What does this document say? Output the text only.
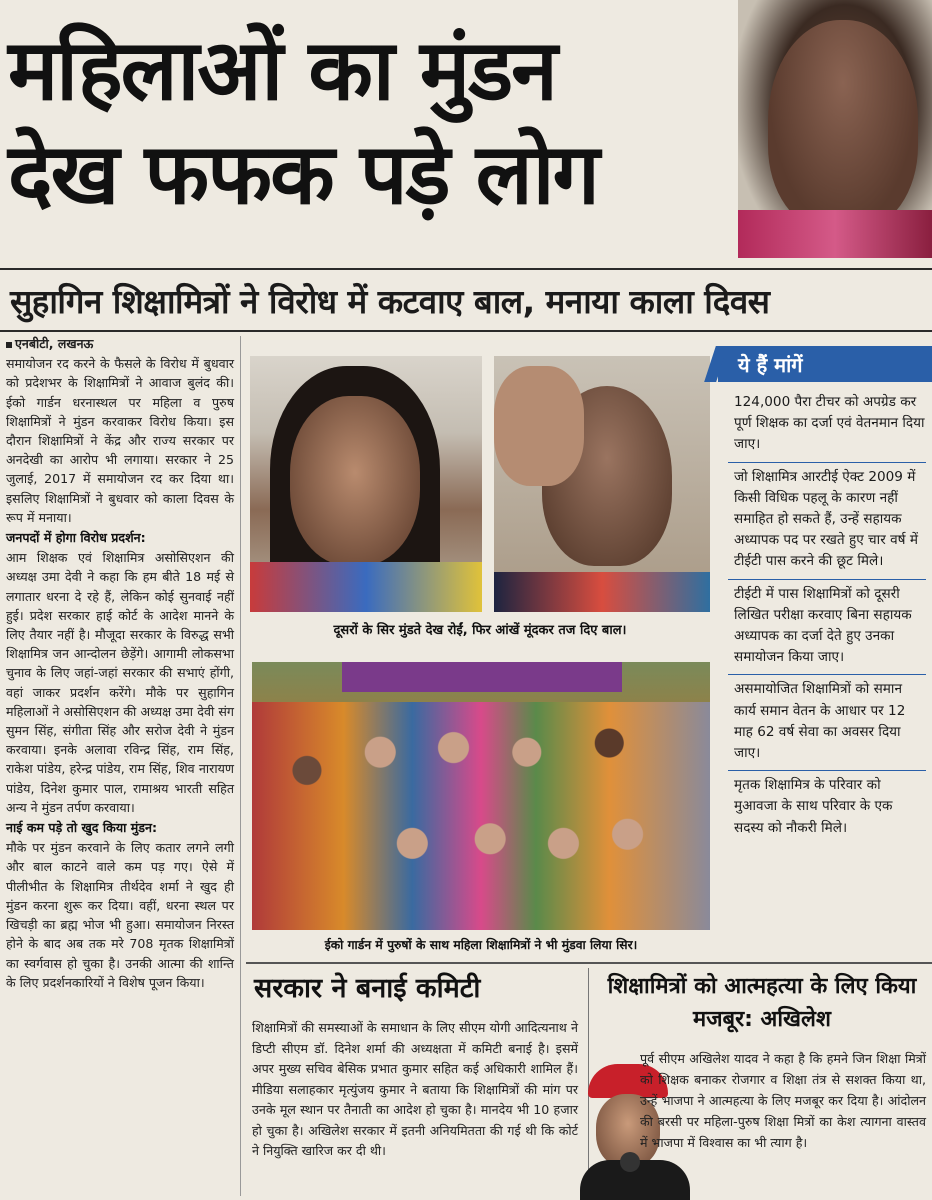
महिलाओं का मुंडन
देख फफक पड़े लोग
सुहागिन शिक्षामित्रों ने विरोध में कटवाए बाल, मनाया काला दिवस

एनबीटी, लखनऊ

समायोजन रद करने के फैसले के विरोध में बुधवार को प्रदेशभर के शिक्षामित्रों ने आवाज बुलंद की। ईको गार्डन धरनास्थल पर महिला व पुरुष शिक्षामित्रों ने मुंडन करवाकर विरोध किया। इस दौरान शिक्षामित्रों ने केंद्र और राज्य सरकार पर अनदेखी का आरोप भी लगाया। सरकार ने 25 जुलाई, 2017 में समायोजन रद कर दिया था। इसलिए शिक्षामित्रों ने बुधवार को काला दिवस के रूप में मनाया।

जनपदों में होगा विरोध प्रदर्शन:

आम शिक्षक एवं शिक्षामित्र असोसिएशन की अध्यक्ष उमा देवी ने कहा कि हम बीते 18 मई से लगातार धरना दे रहे हैं, लेकिन कोई सुनवाई नहीं हुई। प्रदेश सरकार हाई कोर्ट के आदेश मानने के लिए तैयार नहीं है। मौजूदा सरकार के विरुद्ध सभी शिक्षामित्र जन आन्दोलन छेड़ेंगे। आगामी लोकसभा चुनाव के लिए जहां-जहां सरकार की सभाएं होंगी, वहां जाकर प्रदर्शन करेंगे। मौके पर सुहागिन महिलाओं ने असोसिएशन की अध्यक्ष उमा देवी संग सुमन सिंह, संगीता सिंह और सरोज देवी ने मुंडन करवाया। इनके अलावा रविन्द्र सिंह, राम सिंह, राकेश पांडेय, हरेन्द्र पांडेय, राम सिंह, शिव नारायण पांडेय, दिनेश कुमार पाल, रामाश्रय भारती सहित अन्य ने मुंडन तर्पण करवाया।

नाई कम पड़े तो खुद किया मुंडन:

मौके पर मुंडन करवाने के लिए कतार लगने लगी और बाल काटने वाले कम पड़ गए। ऐसे में पीलीभीत के शिक्षामित्र तीर्थदेव शर्मा ने खुद ही मुंडन करना शुरू कर दिया। वहीं, धरना स्थल पर खिचड़ी का ब्रह्म भोज भी हुआ। समायोजन निरस्त होने के बाद अब तक मरे 708 मृतक शिक्षामित्रों का स्वर्गवास हो चुका है। उनकी आत्मा की शान्ति के लिए प्रदर्शनकारियों ने विशेष पूजन किया।

दूसरों के सिर मुंडते देख रोईं, फिर आंखें मूंदकर तज दिए बाल।
ईको गार्डन में पुरुषों के साथ महिला शिक्षामित्रों ने भी मुंडवा लिया सिर।
ये हैं मांगें
124,000 पैरा टीचर को अपग्रेड कर पूर्ण शिक्षक का दर्जा एवं वेतनमान दिया जाए।
जो शिक्षामित्र आरटीई ऐक्ट 2009 में किसी विधिक पहलू के कारण नहीं समाहित हो सकते हैं, उन्हें सहायक अध्यापक पद पर रखते हुए चार वर्ष में टीईटी पास करने की छूट मिले।
टीईटी में पास शिक्षामित्रों को दूसरी लिखित परीक्षा करवाए बिना सहायक अध्यापक का दर्जा देते हुए उनका समायोजन किया जाए।
असमायोजित शिक्षामित्रों को समान कार्य समान वेतन के आधार पर 12 माह 62 वर्ष सेवा का अवसर दिया जाए।
मृतक शिक्षामित्र के परिवार को मुआवजा के साथ परिवार के एक सदस्य को नौकरी मिले।
सरकार ने बनाई कमिटी
शिक्षामित्रों की समस्याओं के समाधान के लिए सीएम योगी आदित्यनाथ ने डिप्टी सीएम डॉ. दिनेश शर्मा की अध्यक्षता में कमिटी बनाई है। इसमें अपर मुख्य सचिव बेसिक प्रभात कुमार सहित कई अधिकारी शामिल हैं। मीडिया सलाहकार मृत्युंजय कुमार ने बताया कि शिक्षामित्रों की मांग पर उनके मूल स्थान पर तैनाती का आदेश हो चुका है। मानदेय भी 10 हजार हो चुका है। अखिलेश सरकार में इतनी अनियमितता की गई थी कि कोर्ट ने नियुक्ति खारिज कर दी थी।
शिक्षामित्रों को आत्महत्या के लिए किया मजबूर: अखिलेश
पूर्व सीएम अखिलेश यादव ने कहा है कि हमने जिन शिक्षा मित्रों को शिक्षक बनाकर रोजगार व शिक्षा तंत्र से सशक्त किया था, उन्हें भाजपा ने आत्महत्या के लिए मजबूर कर दिया है। आंदोलन की बरसी पर महिला-पुरुष शिक्षा मित्रों का केश त्यागना वास्तव में भाजपा में विश्वास का भी त्याग है।
